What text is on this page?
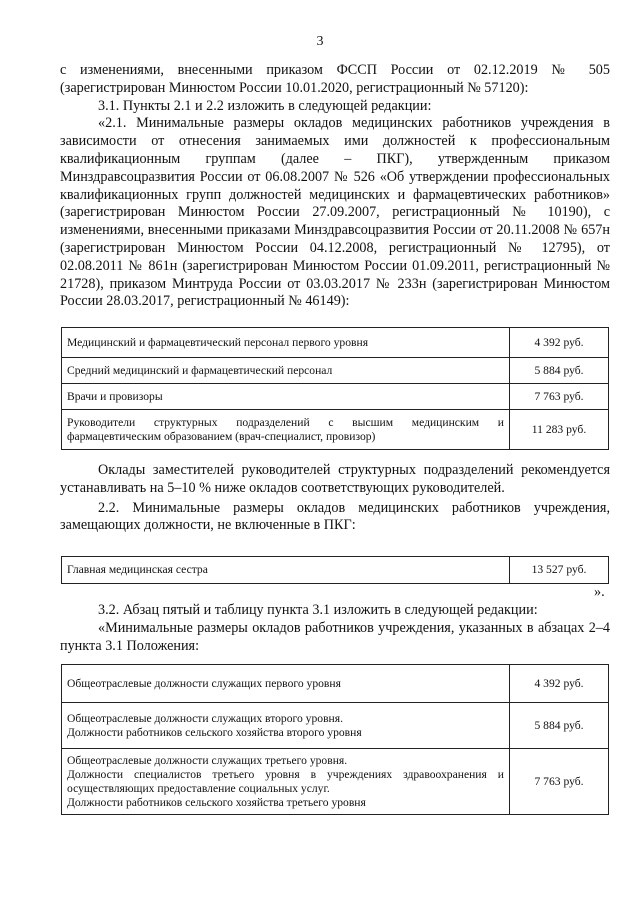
3

с изменениями, внесенными приказом ФССП России от 02.12.2019 № 505 (зарегистрирован Минюстом России 10.01.2020, регистрационный № 57120):

3.1. Пункты 2.1 и 2.2 изложить в следующей редакции:

«2.1. Минимальные размеры окладов медицинских работников учреждения в зависимости от отнесения занимаемых ими должностей к профессиональным квалификационным группам (далее – ПКГ), утвержденным приказом Минздравсоцразвития России от 06.08.2007 № 526 «Об утверждении профессиональных квалификационных групп должностей медицинских и фармацевтических работников» (зарегистрирован Минюстом России 27.09.2007, регистрационный № 10190), с изменениями, внесенными приказами Минздравсоцразвития России от 20.11.2008 № 657н (зарегистрирован Минюстом России 04.12.2008, регистрационный № 12795), от 02.08.2011 № 861н (зарегистрирован Минюстом России 01.09.2011, регистрационный № 21728), приказом Минтруда России от 03.03.2017 № 233н (зарегистрирован Минюстом России 28.03.2017, регистрационный № 46149):

Медицинский и фармацевтический персонал первого уровня	4 392 руб.
Средний медицинский и фармацевтический персонал	5 884 руб.
Врачи и провизоры	7 763 руб.
Руководители структурных подразделений с высшим медицинским и фармацевтическим образованием (врач-специалист, провизор)	11 283 руб.

Оклады заместителей руководителей структурных подразделений рекомендуется устанавливать на 5–10 % ниже окладов соответствующих руководителей.

2.2. Минимальные размеры окладов медицинских работников учреждения, замещающих должности, не включенные в ПКГ:

Главная медицинская сестра	13 527 руб.
».

3.2. Абзац пятый и таблицу пункта 3.1 изложить в следующей редакции:

«Минимальные размеры окладов работников учреждения, указанных в абзацах 2–4 пункта 3.1 Положения:

Общеотраслевые должности служащих первого уровня	4 392 руб.

Общеотраслевые должности служащих второго уровня.
Должности работников сельского хозяйства второго уровня	5 884 руб.

Общеотраслевые должности служащих третьего уровня.
Должности специалистов третьего уровня в учреждениях здравоохранения и осуществляющих предоставление социальных услуг.
Должности работников сельского хозяйства третьего уровня	7 763 руб.
